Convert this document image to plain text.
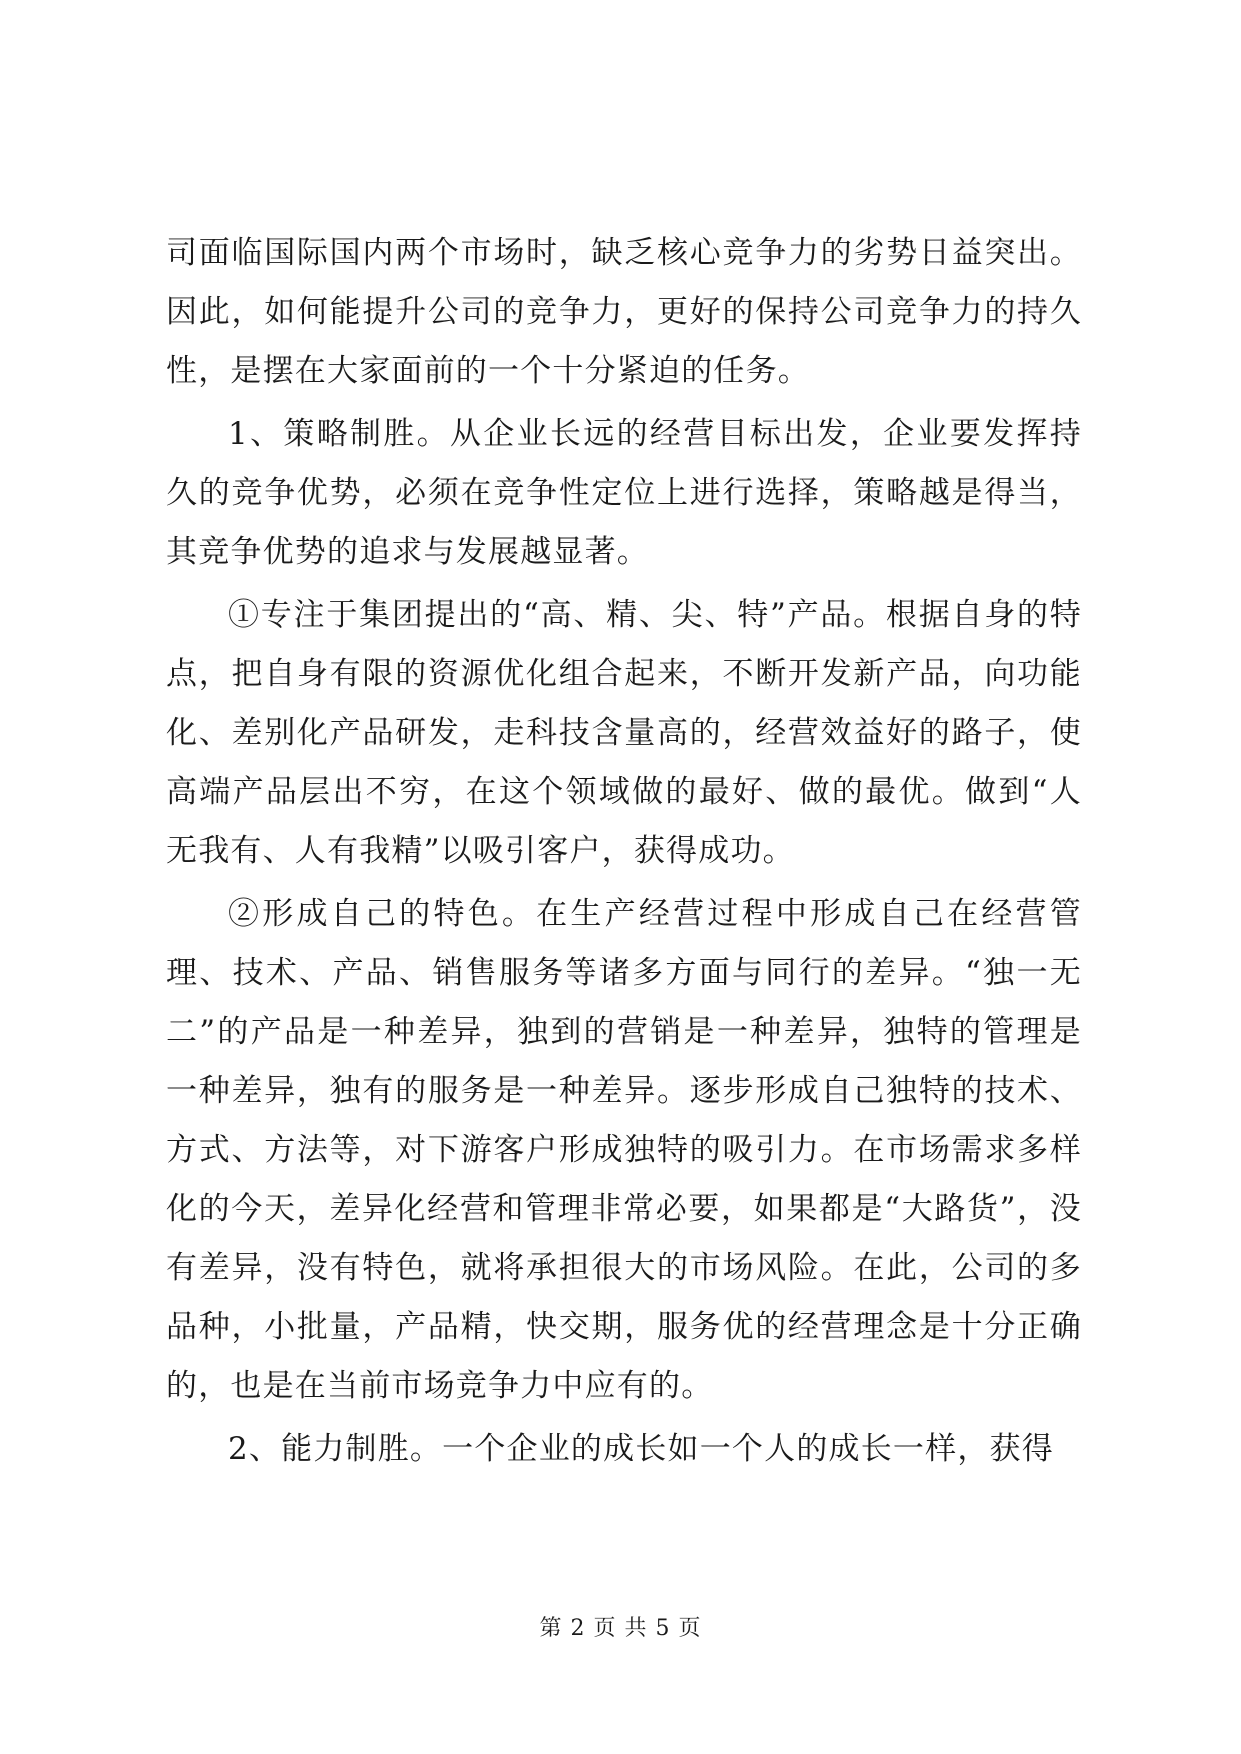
司面临国际国内两个市场时，缺乏核心竞争力的劣势日益突出。因此，如何能提升公司的竞争力，更好的保持公司竞争力的持久性，是摆在大家面前的一个十分紧迫的任务。

1、策略制胜。从企业长远的经营目标出发，企业要发挥持久的竞争优势，必须在竞争性定位上进行选择，策略越是得当，其竞争优势的追求与发展越显著。

①专注于集团提出的“高、精、尖、特”产品。根据自身的特点，把自身有限的资源优化组合起来，不断开发新产品，向功能化、差别化产品研发，走科技含量高的，经营效益好的路子，使高端产品层出不穷，在这个领域做的最好、做的最优。做到“人无我有、人有我精”以吸引客户，获得成功。

②形成自己的特色。在生产经营过程中形成自己在经营管理、技术、产品、销售服务等诸多方面与同行的差异。“独一无二”的产品是一种差异，独到的营销是一种差异，独特的管理是一种差异，独有的服务是一种差异。逐步形成自己独特的技术、方式、方法等，对下游客户形成独特的吸引力。在市场需求多样化的今天，差异化经营和管理非常必要，如果都是“大路货”，没有差异，没有特色，就将承担很大的市场风险。在此，公司的多品种，小批量，产品精，快交期，服务优的经营理念是十分正确的，也是在当前市场竞争力中应有的。

2、能力制胜。一个企业的成长如一个人的成长一样，获得

第 2 页 共 5 页
